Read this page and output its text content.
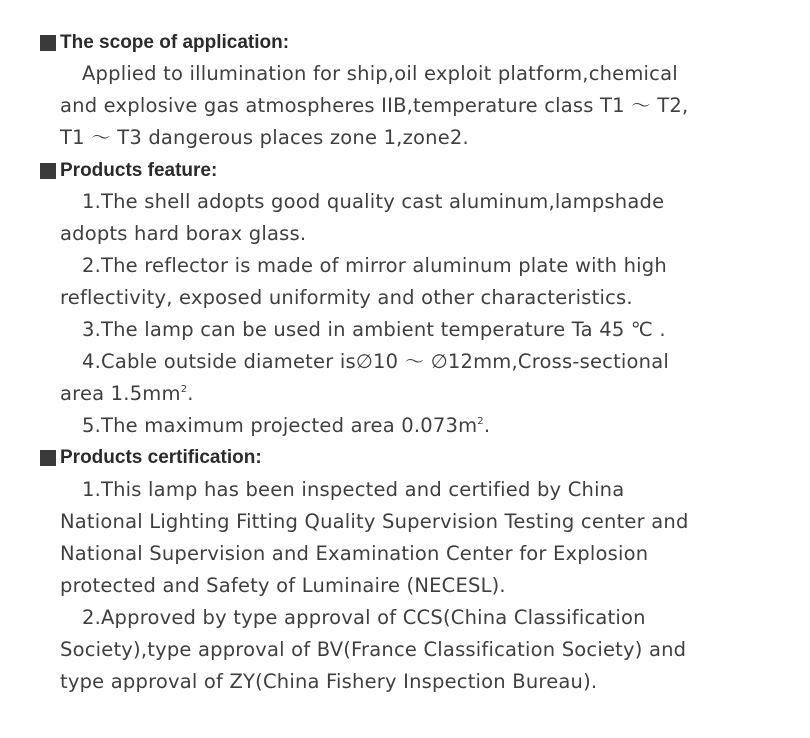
The scope of application:
Applied to illumination for ship,oil exploit platform,chemical
and explosive gas atmospheres IIB,temperature class T1 ～ T2,
T1 ～ T3 dangerous places zone 1,zone2.
Products feature:
1.The shell adopts good quality cast aluminum,lampshade
adopts hard borax glass.
2.The reflector is made of mirror aluminum plate with high
reflectivity, exposed uniformity and other characteristics.
3.The lamp can be used in ambient temperature Ta 45 ℃ .
4.Cable outside diameter is∅10 ～ ∅12mm,Cross-sectional
area $1.5mm^2$.
5.The maximum projected area $0.073m^2$.
Products certification:
1.This lamp has been inspected and certified by China
National Lighting Fitting Quality Supervision Testing center and
National Supervision and Examination Center for Explosion
protected and Safety of Luminaire (NECESL).
2.Approved by type approval of CCS(China Classification
Society),type approval of BV(France Classification Society) and
type approval of ZY(China Fishery Inspection Bureau).
